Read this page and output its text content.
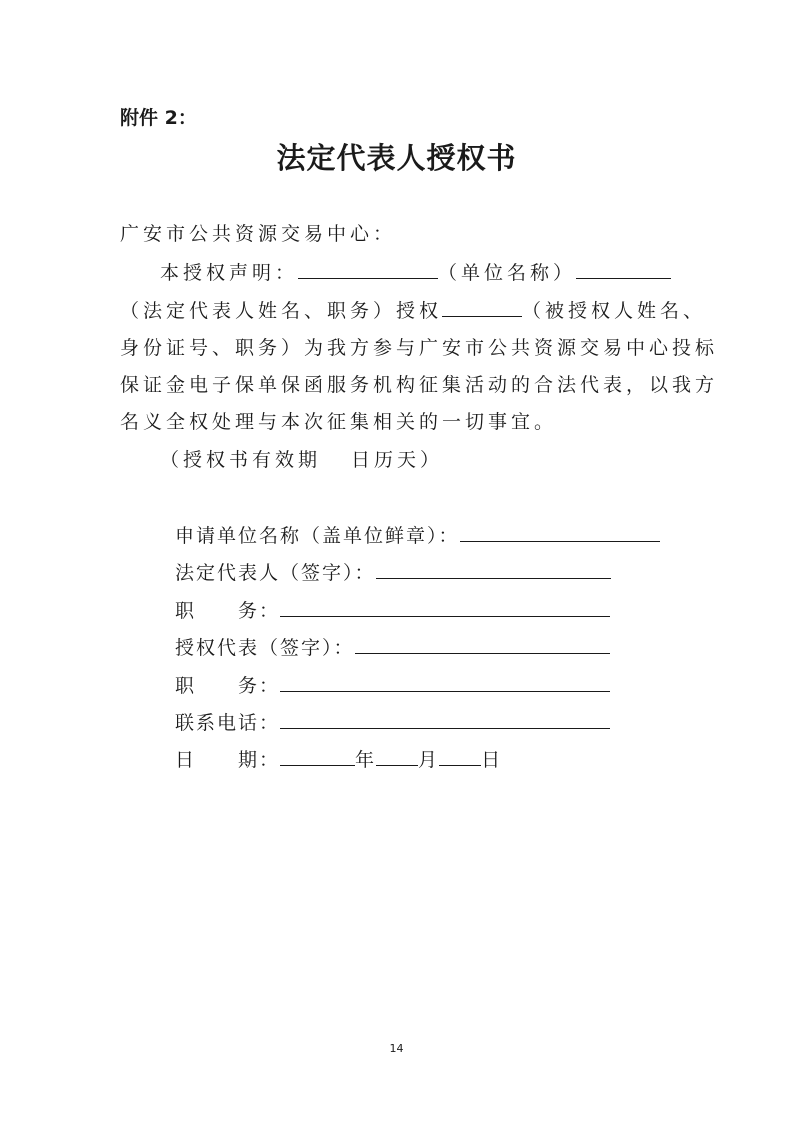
附件 2：
法定代表人授权书
广安市公共资源交易中心：
本授权声明：	（单位名称）
（法定代表人姓名、职务）授权	（被授权人姓名、
身份证号、职务）为我方参与广安市公共资源交易中心投标
保证金电子保单保函服务机构征集活动的合法代表，以我方
名义全权处理与本次征集相关的一切事宜。
（授权书有效期 日历天）
申请单位名称（盖单位鲜章）：
法定代表人（签字）：
职 务：
授权代表（签字）：
职 务：
联系电话：
日 期：	年 月 日
14
